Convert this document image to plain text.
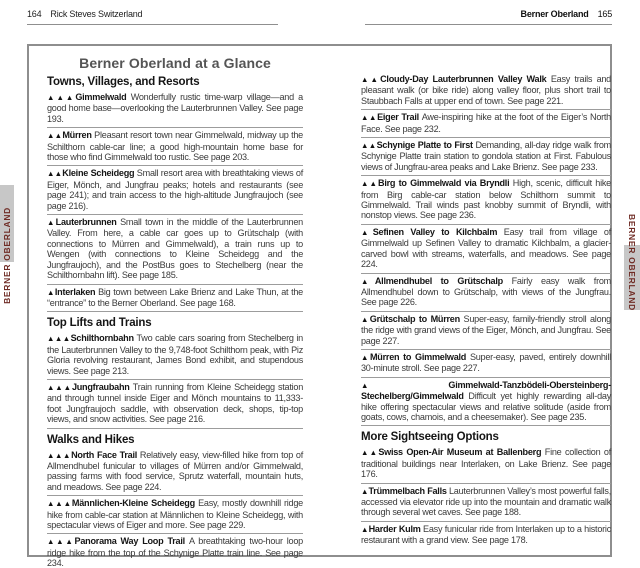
164 Rick Steves Switzerland	Berner Oberland 165
BERNER OBERLAND	BERNER OBERLAND
Berner Oberland at a Glance
Towns, Villages, and Resorts

▲▲▲Gimmelwald Wonderfully rustic time-warp village—and a good home base—overlooking the Lauterbrunnen Valley. See page 193.

▲▲Mürren Pleasant resort town near Gimmelwald, midway up the Schilthorn cable-car line; a good high-mountain home base for those who find Gimmelwald too rustic. See page 203.

▲▲Kleine Scheidegg Small resort area with breathtaking views of Eiger, Mönch, and Jungfrau peaks; hotels and restaurants (see page 241); and train access to the high-altitude Jungfraujoch (see page 216).

▲Lauterbrunnen Small town in the middle of the Lauterbrunnen Valley. From here, a cable car goes up to Grütschalp (with connections to Mürren and Gimmelwald), a train runs up to Wengen (with connections to Kleine Scheidegg and the Jungfraujoch), and the PostBus goes to Stechelberg (near the Schilthornbahn lift). See page 185.

▲Interlaken Big town between Lake Brienz and Lake Thun, at the “entrance” to the Berner Oberland. See page 168.

Top Lifts and Trains

▲▲▲Schilthornbahn Two cable cars soaring from Stechelberg in the Lauterbrunnen Valley to the 9,748-foot Schilthorn peak, with Piz Gloria revolving restaurant, James Bond exhibit, and stupendous views. See page 213.

▲▲▲Jungfraubahn Train running from Kleine Scheidegg station and through tunnel inside Eiger and Mönch mountains to 11,333-foot Jungfraujoch saddle, with observation deck, shops, tip-top views, and snow activities. See page 216.

Walks and Hikes

▲▲▲North Face Trail Relatively easy, view-filled hike from top of Allmendhubel funicular to villages of Mürren and/or Gimmelwald, passing farms with food service, Sprutz waterfall, mountain huts, and meadows. See page 224.

▲▲▲Männlichen-Kleine Scheidegg Easy, mostly downhill ridge hike from cable-car station at Männlichen to Kleine Scheidegg, with spectacular views of Eiger and more. See page 229.

▲▲▲Panorama Way Loop Trail A breathtaking two-hour loop ridge hike from the top of the Schynige Platte train line. See page 234.

▲▲Cloudy-Day Lauterbrunnen Valley Walk Easy trails and pleasant walk (or bike ride) along valley floor, plus short trail to Staubbach Falls at upper end of town. See page 221.

▲▲Eiger Trail Awe-inspiring hike at the foot of the Eiger’s North Face. See page 232.

▲▲Schynige Platte to First Demanding, all-day ridge walk from Schynige Platte train station to gondola station at First. Fabulous views of Jungfrau-area peaks and Lake Brienz. See page 233.

▲▲Birg to Gimmelwald via Bryndli High, scenic, difficult hike from Birg cable-car station below Schilthorn summit to Gimmelwald. Trail winds past knobby summit of Bryndli, with nonstop views. See page 236.

▲Sefinen Valley to Kilchbalm Easy trail from village of Gimmelwald up Sefinen Valley to dramatic Kilchbalm, a glacier-carved bowl with streams, waterfalls, and meadows. See page 224.

▲Allmendhubel to Grütschalp Fairly easy walk from Allmendhubel down to Grütschalp, with views of the Jungfrau. See page 226.

▲Grütschalp to Mürren Super-easy, family-friendly stroll along the ridge with grand views of the Eiger, Mönch, and Jungfrau. See page 227.

▲Mürren to Gimmelwald Super-easy, paved, entirely downhill 30-minute stroll. See page 227.

▲Gimmelwald-Tanzbödeli-Obersteinberg-Stechelberg/Gimmelwald Difficult yet highly rewarding all-day hike offering spectacular views and relative solitude (aside from goats, cows, chamois, and a cheesemaker). See page 235.

More Sightseeing Options

▲▲Swiss Open-Air Museum at Ballenberg Fine collection of traditional buildings near Interlaken, on Lake Brienz. See page 176.

▲Trümmelbach Falls Lauterbrunnen Valley’s most powerful falls, accessed via elevator ride up into the mountain and dramatic walk through several wet caves. See page 188.

▲Harder Kulm Easy funicular ride from Interlaken up to a historic restaurant with a grand view. See page 178.
